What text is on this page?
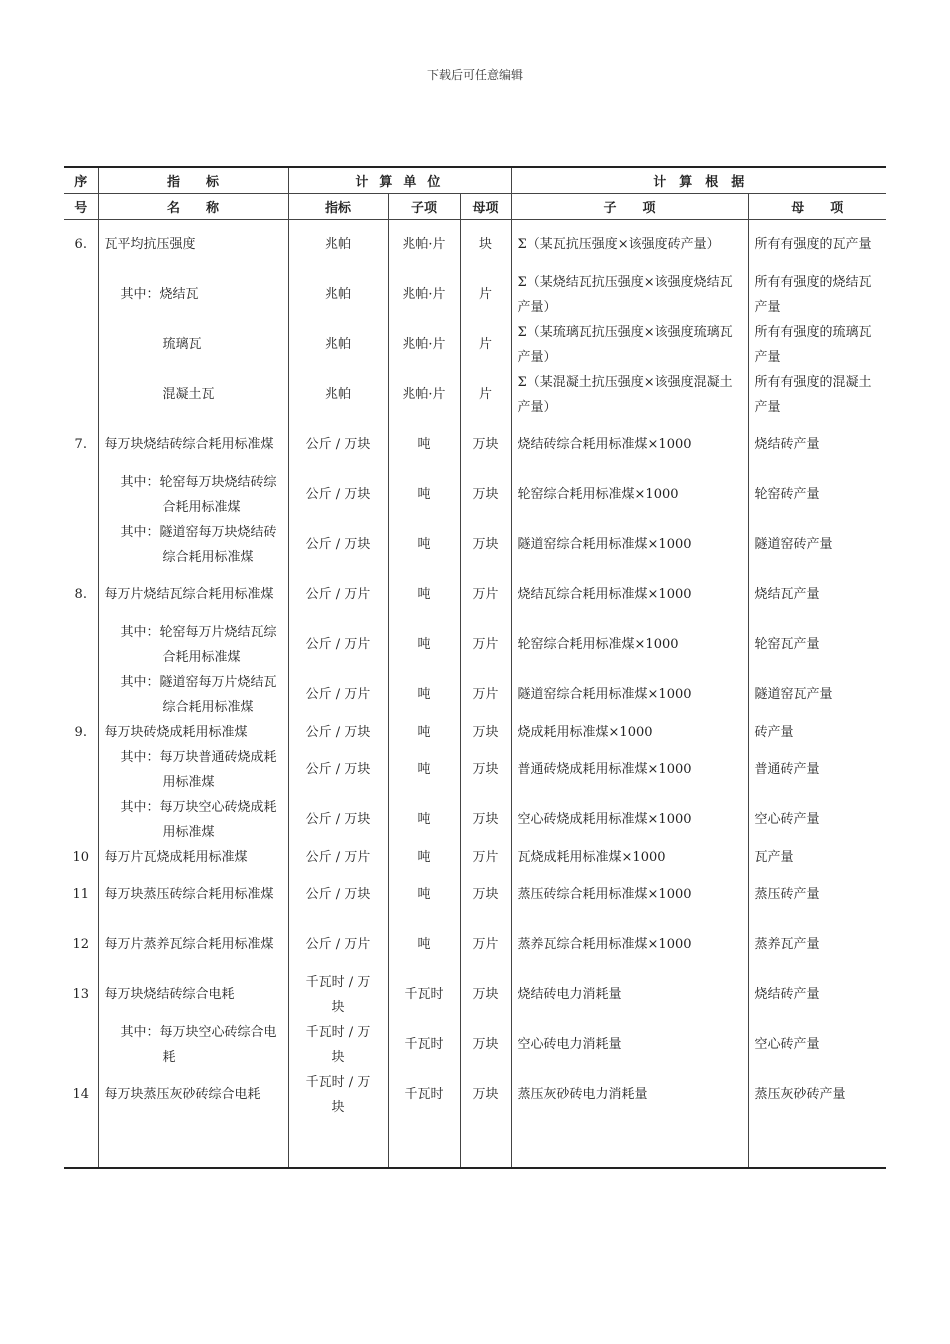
下载后可任意编辑
序	指　　标	计 算 单 位			计　算　根　据	
号	名　　称	指标	子项	母项	子　　项	母　　项
6.	瓦平均抗压强度	兆帕	兆帕·片	块	Σ（某瓦抗压强度×该强度砖产量）	所有有强度的瓦产量
	其中：烧结瓦	兆帕	兆帕·片	片	Σ（某烧结瓦抗压强度×该强度烧结瓦产量）	所有有强度的烧结瓦产量
	琉璃瓦	兆帕	兆帕·片	片	Σ（某琉璃瓦抗压强度×该强度琉璃瓦产量）	所有有强度的琉璃瓦产量
	混凝土瓦	兆帕	兆帕·片	片	Σ（某混凝土抗压强度×该强度混凝土产量）	所有有强度的混凝土产量
7.	每万块烧结砖综合耗用标准煤	公斤 / 万块	吨	万块	烧结砖综合耗用标准煤×1000	烧结砖产量

	其中：轮窑每万块烧结砖综合耗用标准煤	公斤 / 万块	吨	万块	轮窑综合耗用标准煤×1000	轮窑砖产量

	其中：隧道窑每万块烧结砖综合耗用标准煤	公斤 / 万块	吨	万块	隧道窑综合耗用标准煤×1000	隧道窑砖产量
8.	每万片烧结瓦综合耗用标准煤	公斤 / 万片	吨	万片	烧结瓦综合耗用标准煤×1000	烧结瓦产量

	其中：轮窑每万片烧结瓦综合耗用标准煤	公斤 / 万片	吨	万片	轮窑综合耗用标准煤×1000	轮窑瓦产量

	其中：隧道窑每万片烧结瓦综合耗用标准煤	公斤 / 万片	吨	万片	隧道窑综合耗用标准煤×1000	隧道窑瓦产量
9.	每万块砖烧成耗用标准煤	公斤 / 万块	吨	万块	烧成耗用标准煤×1000	砖产量

	其中：每万块普通砖烧成耗用标准煤	公斤 / 万块	吨	万块	普通砖烧成耗用标准煤×1000	普通砖产量

	其中：每万块空心砖烧成耗用标准煤	公斤 / 万块	吨	万块	空心砖烧成耗用标准煤×1000	空心砖产量
10	每万片瓦烧成耗用标准煤	公斤 / 万片	吨	万片	瓦烧成耗用标准煤×1000	瓦产量
11	每万块蒸压砖综合耗用标准煤	公斤 / 万块	吨	万块	蒸压砖综合耗用标准煤×1000	蒸压砖产量
12	每万片蒸养瓦综合耗用标准煤	公斤 / 万片	吨	万片	蒸养瓦综合耗用标准煤×1000	蒸养瓦产量
13	每万块烧结砖综合电耗	千瓦时 / 万块	千瓦时	万块	烧结砖电力消耗量	烧结砖产量

	其中：每万块空心砖综合电耗	千瓦时 / 万块	千瓦时	万块	空心砖电力消耗量	空心砖产量
14	每万块蒸压灰砂砖综合电耗	千瓦时 / 万块	千瓦时	万块	蒸压灰砂砖电力消耗量	蒸压灰砂砖产量
